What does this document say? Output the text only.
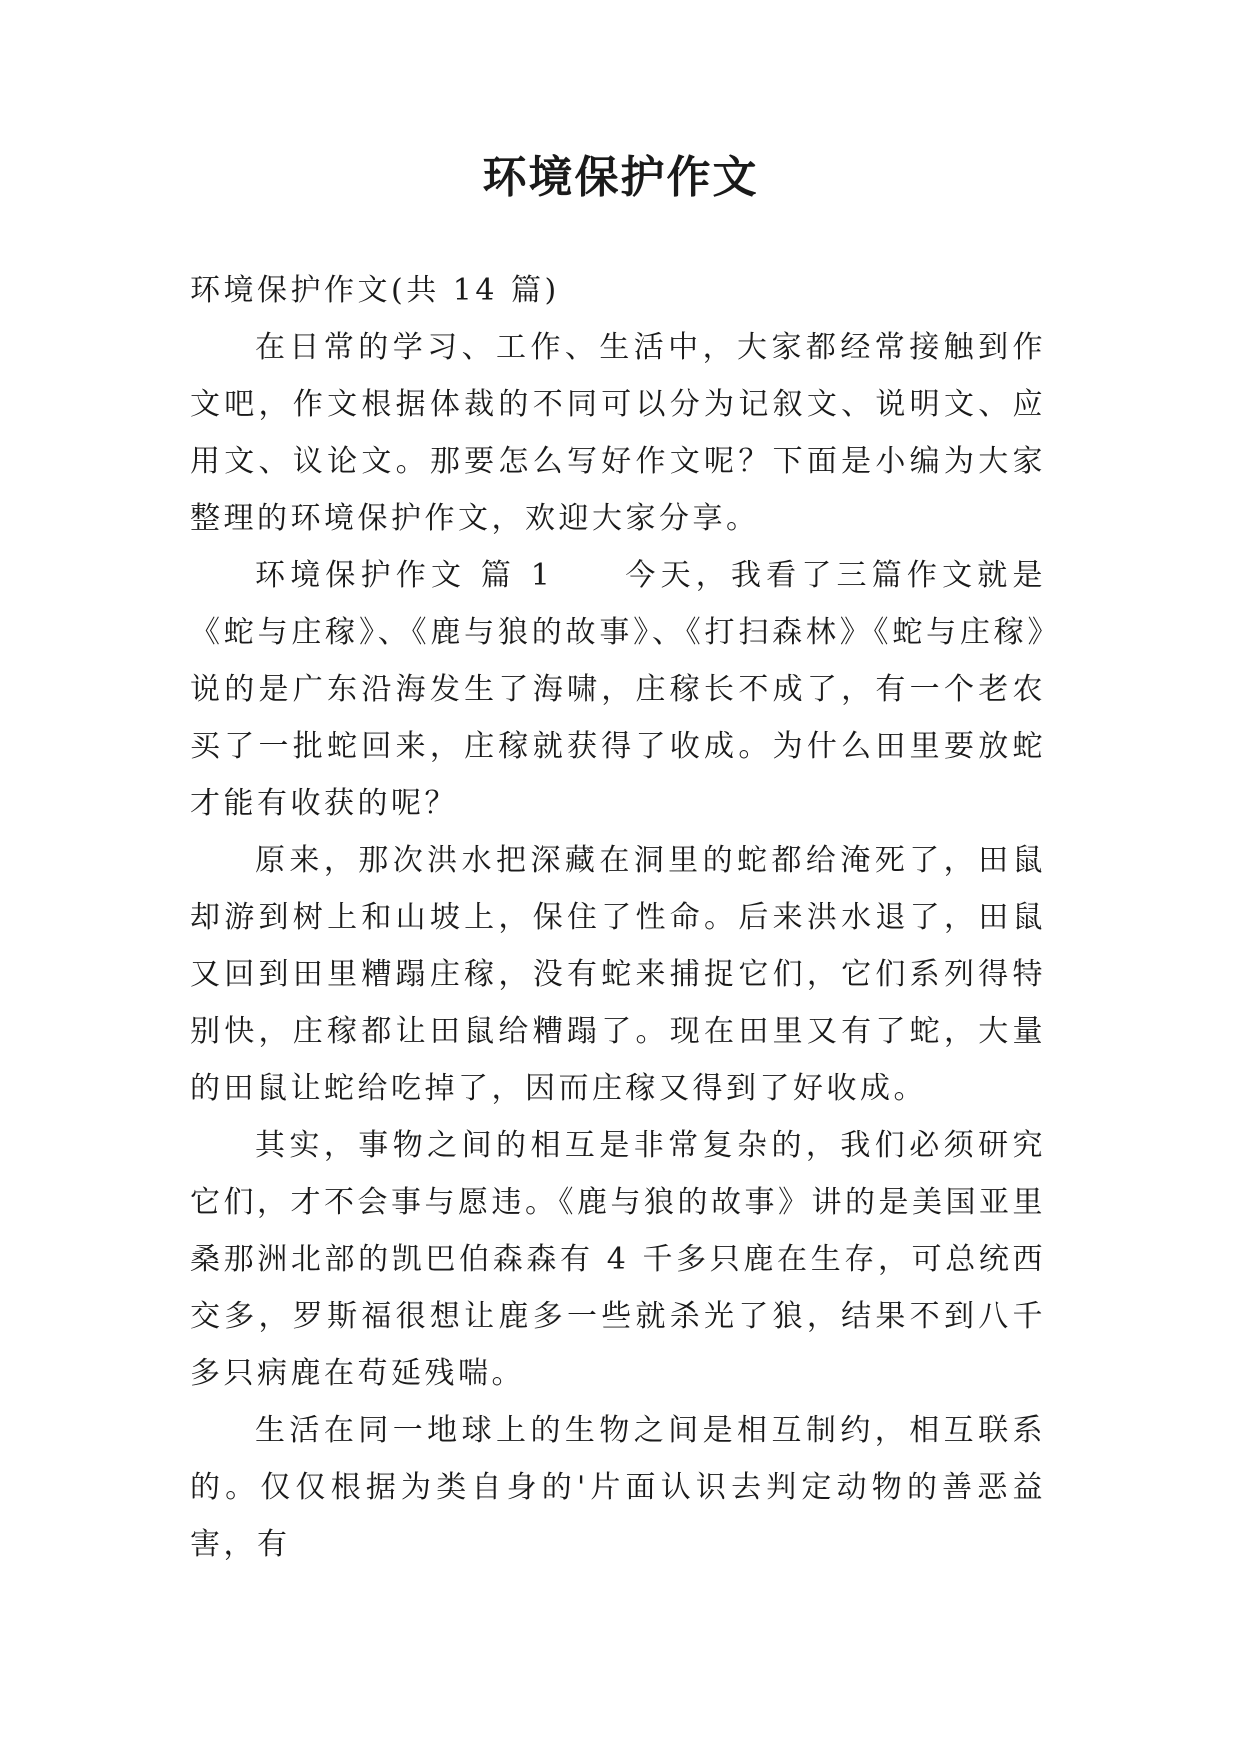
环境保护作文

环境保护作文(共 14 篇)

在日常的学习、工作、生活中，大家都经常接触到作文吧，作文根据体裁的不同可以分为记叙文、说明文、应用文、议论文。那要怎么写好作文呢？下面是小编为大家整理的环境保护作文，欢迎大家分享。

环境保护作文 篇 1　　今天，我看了三篇作文就是《蛇与庄稼》、《鹿与狼的故事》、《打扫森林》《蛇与庄稼》说的是广东沿海发生了海啸，庄稼长不成了，有一个老农买了一批蛇回来，庄稼就获得了收成。为什么田里要放蛇才能有收获的呢？

原来，那次洪水把深藏在洞里的蛇都给淹死了，田鼠却游到树上和山坡上，保住了性命。后来洪水退了，田鼠又回到田里糟蹋庄稼，没有蛇来捕捉它们，它们系列得特别快，庄稼都让田鼠给糟蹋了。现在田里又有了蛇，大量的田鼠让蛇给吃掉了，因而庄稼又得到了好收成。

其实，事物之间的相互是非常复杂的，我们必须研究它们，才不会事与愿违。《鹿与狼的故事》讲的是美国亚里桑那洲北部的凯巴伯森森有 4 千多只鹿在生存，可总统西交多，罗斯福很想让鹿多一些就杀光了狼，结果不到八千多只病鹿在苟延残喘。

生活在同一地球上的生物之间是相互制约，相互联系的。仅仅根据为类自身的'片面认识去判定动物的善恶益害，有
